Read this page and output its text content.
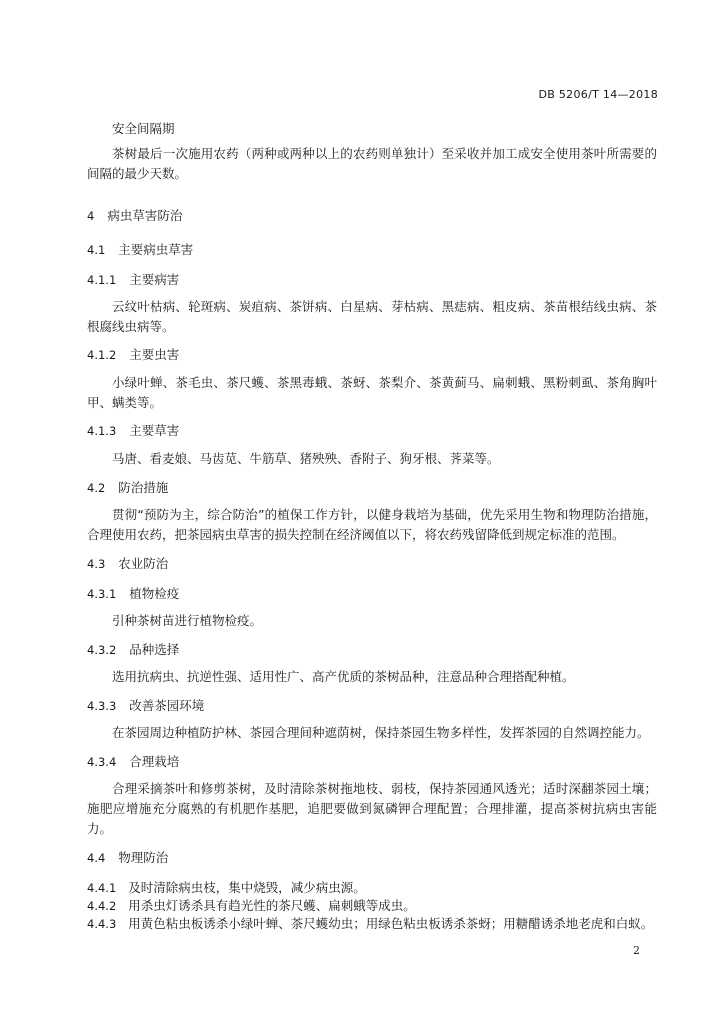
DB 5206/T 14—2018
安全间隔期
茶树最后一次施用农药（两种或两种以上的农药则单独计）至采收并加工成安全使用茶叶所需要的间隔的最少天数。
4 病虫草害防治
4.1 主要病虫草害
4.1.1 主要病害
云纹叶枯病、轮斑病、炭疽病、茶饼病、白星病、芽枯病、黑痣病、粗皮病、茶苗根结线虫病、茶根腐线虫病等。
4.1.2 主要虫害
小绿叶蝉、茶毛虫、茶尺蠖、茶黑毒蛾、茶蚜、茶梨介、茶黄蓟马、扁刺蛾、黑粉刺虱、茶角胸叶甲、螨类等。
4.1.3 主要草害
马唐、看麦娘、马齿苋、牛筋草、猪殃殃、香附子、狗牙根、荠菜等。
4.2 防治措施
贯彻“预防为主，综合防治”的植保工作方针，以健身栽培为基础，优先采用生物和物理防治措施，合理使用农药，把茶园病虫草害的损失控制在经济阈值以下，将农药残留降低到规定标准的范围。
4.3 农业防治
4.3.1 植物检疫
引种茶树苗进行植物检疫。
4.3.2 品种选择
选用抗病虫、抗逆性强、适用性广、高产优质的茶树品种，注意品种合理搭配种植。
4.3.3 改善茶园环境
在茶园周边种植防护林、茶园合理间种遮荫树，保持茶园生物多样性，发挥茶园的自然调控能力。
4.3.4 合理栽培
合理采摘茶叶和修剪茶树，及时清除茶树拖地枝、弱枝，保持茶园通风透光；适时深翻茶园土壤；施肥应增施充分腐熟的有机肥作基肥，追肥要做到氮磷钾合理配置；合理排灌，提高茶树抗病虫害能力。
4.4 物理防治
4.4.1 及时清除病虫枝，集中烧毁，减少病虫源。
4.4.2 用杀虫灯诱杀具有趋光性的茶尺蠖、扁刺蛾等成虫。
4.4.3 用黄色粘虫板诱杀小绿叶蝉、茶尺蠖幼虫；用绿色粘虫板诱杀茶蚜；用糖醋诱杀地老虎和白蚁。
2
